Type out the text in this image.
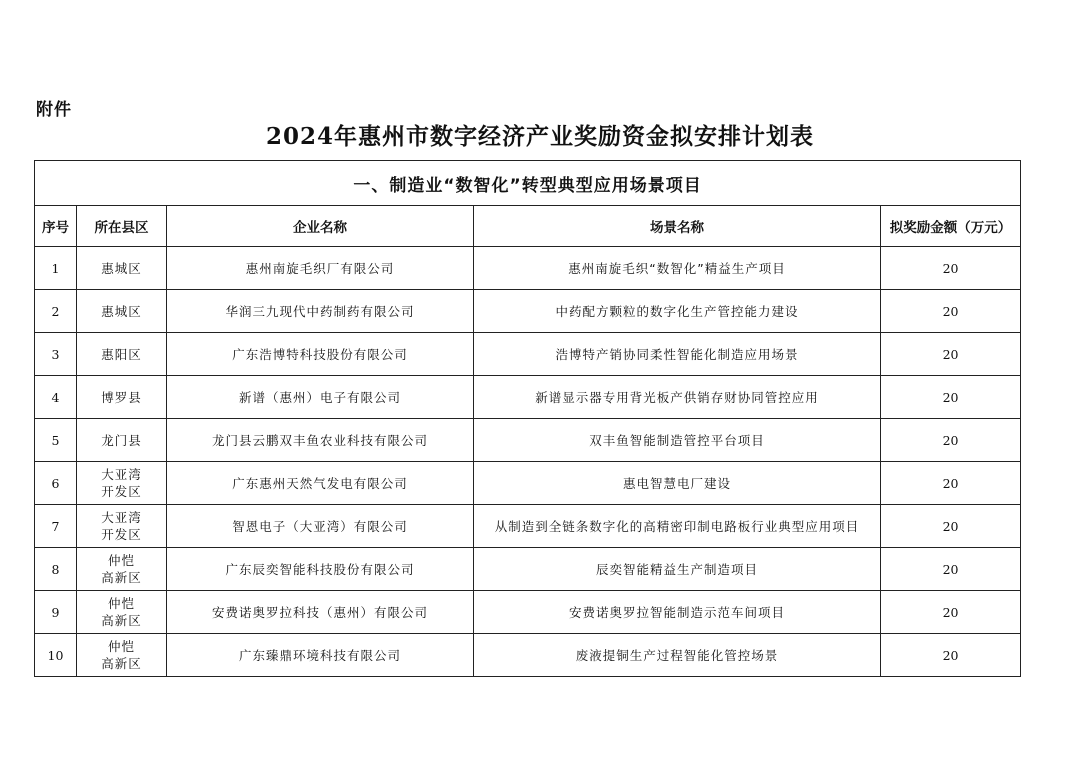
附件
2024年惠州市数字经济产业奖励资金拟安排计划表
一、制造业“数智化”转型典型应用场景项目				
序号	所在县区	企业名称	场景名称	拟奖励金额（万元）
1	惠城区	惠州南旋毛织厂有限公司	惠州南旋毛织“数智化”精益生产项目	20
2	惠城区	华润三九现代中药制药有限公司	中药配方颗粒的数字化生产管控能力建设	20
3	惠阳区	广东浩博特科技股份有限公司	浩博特产销协同柔性智能化制造应用场景	20
4	博罗县	新谱（惠州）电子有限公司	新谱显示器专用背光板产供销存财协同管控应用	20
5	龙门县	龙门县云鹏双丰鱼农业科技有限公司	双丰鱼智能制造管控平台项目	20
6	大亚湾
开发区	广东惠州天然气发电有限公司	惠电智慧电厂建设	20
7	大亚湾
开发区	智恩电子（大亚湾）有限公司	从制造到全链条数字化的高精密印制电路板行业典型应用项目	20
8	仲恺
高新区	广东辰奕智能科技股份有限公司	辰奕智能精益生产制造项目	20
9	仲恺
高新区	安费诺奥罗拉科技（惠州）有限公司	安费诺奥罗拉智能制造示范车间项目	20
10	仲恺
高新区	广东臻鼎环境科技有限公司	废液提铜生产过程智能化管控场景	20
